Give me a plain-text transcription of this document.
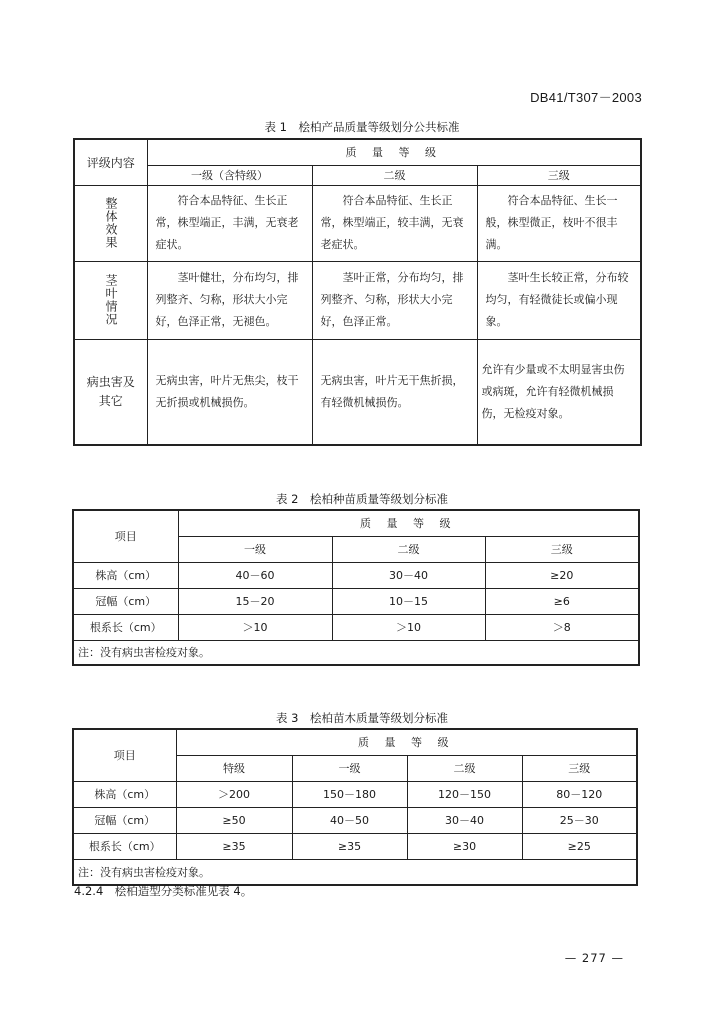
DB41/T307－2003
表 1　桧柏产品质量等级划分公共标准
评级内容	质 量 等 级		
	一级（含特级）	二级	三级

整体效果	符合本品特征、生长正常，株型端正，丰满，无衰老症状。	符合本品特征、生长正常，株型端正，较丰满，无衰老症状。	符合本品特征、生长一般，株型微正，枝叶不很丰满。

茎叶情况	茎叶健壮，分布均匀，排列整齐、匀称，形状大小完好，色泽正常，无褪色。	茎叶正常，分布均匀，排列整齐、匀称，形状大小完好，色泽正常。	茎叶生长较正常，分布较均匀，有轻微徒长或偏小现象。
病虫害及其它	无病虫害，叶片无焦尖，枝干无折损或机械损伤。	无病虫害，叶片无干焦折损，有轻微机械损伤。	允许有少量或不太明显害虫伤或病斑，允许有轻微机械损伤，无检疫对象。
表 2　桧柏种苗质量等级划分标准
项目	质 量 等 级		
	一级	二级	三级
株高（cm）	40－60	30－40	≥20
冠幅（cm）	15－20	10－15	≥6
根系长（cm）	＞10	＞10	＞8
注：没有病虫害检疫对象。			
表 3　桧柏苗木质量等级划分标准
项目	质 量 等 级			
	特级	一级	二级	三级
株高（cm）	＞200	150－180	120－150	80－120
冠幅（cm）	≥50	40－50	30－40	25－30
根系长（cm）	≥35	≥35	≥30	≥25
注：没有病虫害检疫对象。				
4.2.4　桧柏造型分类标准见表 4。
— 277 —
